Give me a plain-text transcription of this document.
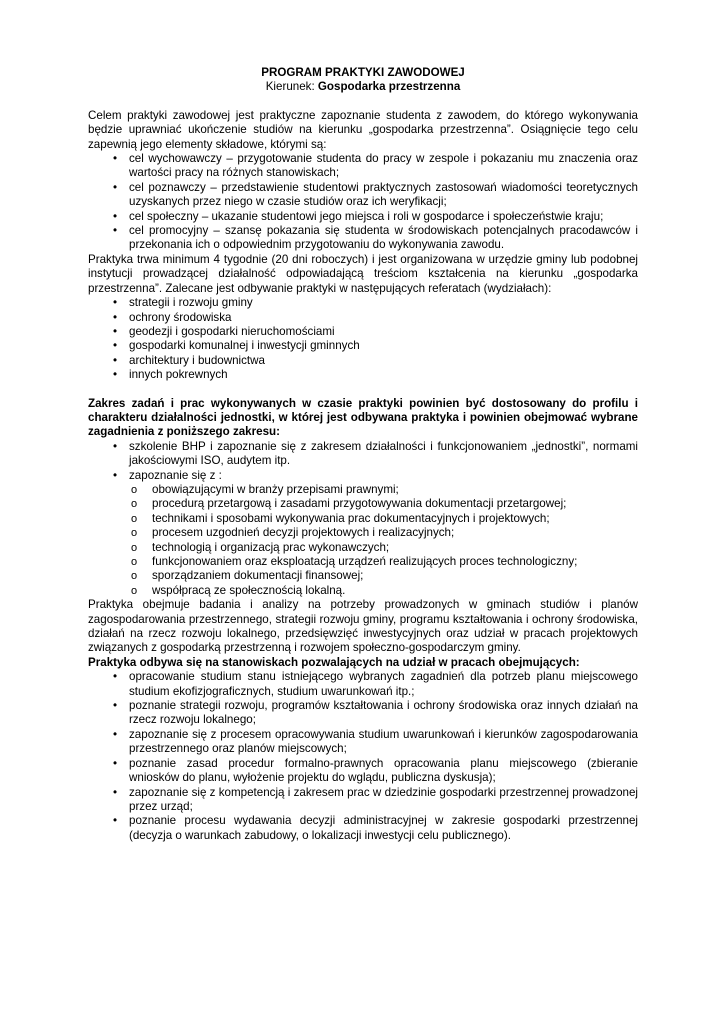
PROGRAM PRAKTYKI ZAWODOWEJ
Kierunek: Gospodarka przestrzenna

Celem praktyki zawodowej jest praktyczne zapoznanie studenta z zawodem, do którego wykonywania będzie uprawniać ukończenie studiów na kierunku „gospodarka przestrzenna”. Osiągnięcie tego celu zapewnią jego elementy składowe, którymi są:

• cel wychowawczy – przygotowanie studenta do pracy w zespole i pokazaniu mu znaczenia oraz wartości pracy na różnych stanowiskach;
• cel poznawczy – przedstawienie studentowi praktycznych zastosowań wiadomości teoretycznych uzyskanych przez niego w czasie studiów oraz ich weryfikacji;
• cel społeczny – ukazanie studentowi jego miejsca i roli w gospodarce i społeczeństwie kraju;
• cel promocyjny – szansę pokazania się studenta w środowiskach potencjalnych pracodawców i przekonania ich o odpowiednim przygotowaniu do wykonywania zawodu.

Praktyka trwa minimum 4 tygodnie (20 dni roboczych) i jest organizowana w urzędzie gminy lub podobnej instytucji prowadzącej działalność odpowiadającą treściom kształcenia na kierunku „gospodarka przestrzenna”. Zalecane jest odbywanie praktyki w następujących referatach (wydziałach):

• strategii i rozwoju gminy
• ochrony środowiska
• geodezji i gospodarki nieruchomościami
• gospodarki komunalnej i inwestycji gminnych
• architektury i budownictwa
• innych pokrewnych

Zakres zadań i prac wykonywanych w czasie praktyki powinien być dostosowany do profilu i charakteru działalności jednostki, w której jest odbywana praktyka i powinien obejmować wybrane zagadnienia z poniższego zakresu:

• szkolenie BHP i zapoznanie się z zakresem działalności i funkcjonowaniem „jednostki”, normami jakościowymi ISO, audytem itp.
• zapoznanie się z :
o obowiązującymi w branży przepisami prawnymi;
o procedurą przetargową i zasadami przygotowywania dokumentacji przetargowej;
o technikami i sposobami wykonywania prac dokumentacyjnych i projektowych;
o procesem uzgodnień decyzji projektowych i realizacyjnych;
o technologią i organizacją prac wykonawczych;
o funkcjonowaniem oraz eksploatacją urządzeń realizujących proces technologiczny;
o sporządzaniem dokumentacji finansowej;
o współpracą ze społecznością lokalną.

Praktyka obejmuje badania i analizy na potrzeby prowadzonych w gminach studiów i planów zagospodarowania przestrzennego, strategii rozwoju gminy, programu kształtowania i ochrony środowiska, działań na rzecz rozwoju lokalnego, przedsięwzięć inwestycyjnych oraz udział w pracach projektowych związanych z gospodarką przestrzenną i rozwojem społeczno-gospodarczym gminy.

Praktyka odbywa się na stanowiskach pozwalających na udział w pracach obejmujących:

• opracowanie studium stanu istniejącego wybranych zagadnień dla potrzeb planu miejscowego studium ekofizjograficznych, studium uwarunkowań itp.;
• poznanie strategii rozwoju, programów kształtowania i ochrony środowiska oraz innych działań na rzecz rozwoju lokalnego;
• zapoznanie się z procesem opracowywania studium uwarunkowań i kierunków zagospodarowania przestrzennego oraz planów miejscowych;
• poznanie zasad procedur formalno-prawnych opracowania planu miejscowego (zbieranie wniosków do planu, wyłożenie projektu do wglądu, publiczna dyskusja);
• zapoznanie się z kompetencją i zakresem prac w dziedzinie gospodarki przestrzennej prowadzonej przez urząd;
• poznanie procesu wydawania decyzji administracyjnej w zakresie gospodarki przestrzennej (decyzja o warunkach zabudowy, o lokalizacji inwestycji celu publicznego).
